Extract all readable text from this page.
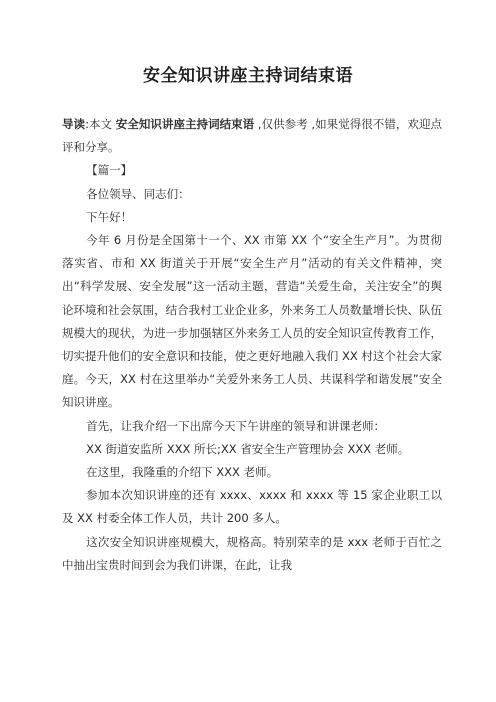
安全知识讲座主持词结束语

导读:本文 安全知识讲座主持词结束语 ,仅供参考 ,如果觉得很不错，欢迎点评和分享。

【篇一】

各位领导、同志们：

下午好！

今年 6 月份是全国第十一个、XX 市第 XX 个“安全生产月”。为贯彻落实省、市和 XX 街道关于开展“安全生产月”活动的有关文件精神，突出“科学发展、安全发展”这一活动主题，营造“关爱生命，关注安全”的舆论环境和社会氛围，结合我村工业企业多，外来务工人员数量增长快、队伍规模大的现状，为进一步加强辖区外来务工人员的安全知识宣传教育工作，切实提升他们的安全意识和技能，使之更好地融入我们 XX 村这个社会大家庭。今天，XX 村在这里举办“关爱外来务工人员、共谋科学和谐发展”安全知识讲座。

首先，让我介绍一下出席今天下午讲座的领导和讲课老师：

XX 街道安监所 XXX 所长;XX 省安全生产管理协会 XXX 老师。

在这里，我隆重的介绍下 XXX 老师。

参加本次知识讲座的还有 xxxx、xxxx 和 xxxx 等 15 家企业职工以及 XX 村委全体工作人员，共计 200 多人。

这次安全知识讲座规模大，规格高。特别荣幸的是 xxx 老师于百忙之中抽出宝贵时间到会为我们讲课，在此，让我
